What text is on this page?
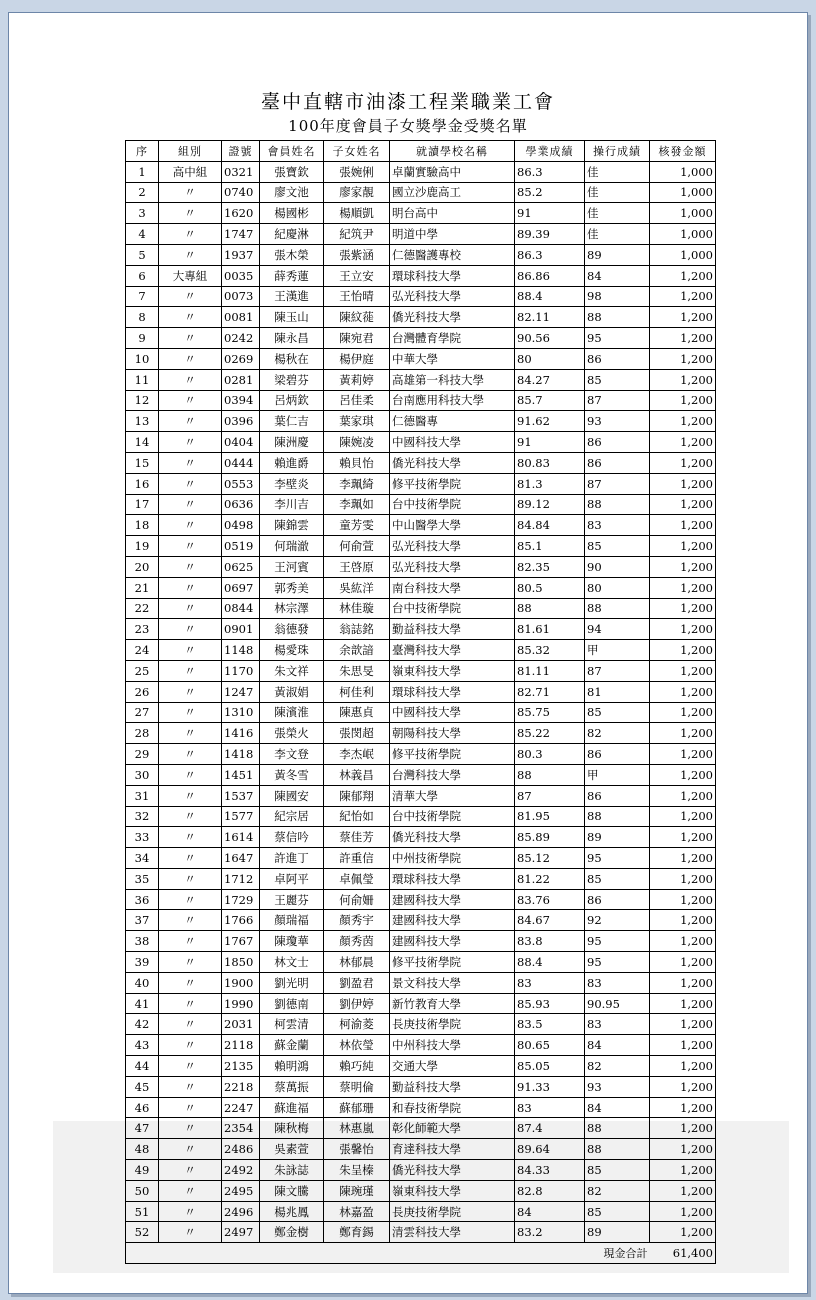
臺中直轄市油漆工程業職業工會
100年度會員子女獎學金受獎名單
序	組別	證號	會員姓名	子女姓名	就讀學校名稱	學業成績	操行成績	核發金額
1	高中組	0321	張寶欽	張婉俐	卓蘭實驗高中	86.3	佳	1,000
2	〃	0740	廖文池	廖家靚	國立沙鹿高工	85.2	佳	1,000
3	〃	1620	楊國彬	楊順凱	明台高中	91	佳	1,000
4	〃	1747	紀慶淋	紀筑尹	明道中學	89.39	佳	1,000
5	〃	1937	張木榮	張紫涵	仁德醫護專校	86.3	89	1,000
6	大專組	0035	薛秀蓮	王立安	環球科技大學	86.86	84	1,200
7	〃	0073	王漢進	王怡晴	弘光科技大學	88.4	98	1,200
8	〃	0081	陳玉山	陳紋蓰	僑光科技大學	82.11	88	1,200
9	〃	0242	陳永昌	陳宛君	台灣體育學院	90.56	95	1,200
10	〃	0269	楊秋在	楊伊庭	中華大學	80	86	1,200
11	〃	0281	梁碧芬	黃莉婷	高雄第一科技大學	84.27	85	1,200
12	〃	0394	呂炳欽	呂佳柔	台南應用科技大學	85.7	87	1,200
13	〃	0396	葉仁吉	葉家琪	仁德醫專	91.62	93	1,200
14	〃	0404	陳洲慶	陳婉凌	中國科技大學	91	86	1,200
15	〃	0444	賴進爵	賴貝怡	僑光科技大學	80.83	86	1,200
16	〃	0553	李壁炎	李珮綺	修平技術學院	81.3	87	1,200
17	〃	0636	李川吉	李珮如	台中技術學院	89.12	88	1,200
18	〃	0498	陳錦雲	童芳雯	中山醫學大學	84.84	83	1,200
19	〃	0519	何瑞澈	何俞萱	弘光科技大學	85.1	85	1,200
20	〃	0625	王河賓	王啓原	弘光科技大學	82.35	90	1,200
21	〃	0697	郭秀美	吳紘洋	南台科技大學	80.5	80	1,200
22	〃	0844	林宗澤	林佳璇	台中技術學院	88	88	1,200
23	〃	0901	翁德發	翁誌銘	勤益科技大學	81.61	94	1,200
24	〃	1148	楊愛珠	余歆諳	臺灣科技大學	85.32	甲	1,200
25	〃	1170	朱文祥	朱思旻	嶺東科技大學	81.11	87	1,200
26	〃	1247	黃淑娟	柯佳利	環球科技大學	82.71	81	1,200
27	〃	1310	陳濱淮	陳惠貞	中國科技大學	85.75	85	1,200
28	〃	1416	張榮火	張閔超	朝陽科技大學	85.22	82	1,200
29	〃	1418	李文登	李杰岷	修平技術學院	80.3	86	1,200
30	〃	1451	黃冬雪	林義昌	台灣科技大學	88	甲	1,200
31	〃	1537	陳國安	陳郁翔	清華大學	87	86	1,200
32	〃	1577	紀宗居	紀怡如	台中技術學院	81.95	88	1,200
33	〃	1614	蔡信吟	蔡佳芳	僑光科技大學	85.89	89	1,200
34	〃	1647	許進丁	許重信	中州技術學院	85.12	95	1,200
35	〃	1712	卓阿平	卓佩瑩	環球科技大學	81.22	85	1,200
36	〃	1729	王麗芬	何俞姍	建國科技大學	83.76	86	1,200
37	〃	1766	顏瑞福	顏秀宇	建國科技大學	84.67	92	1,200
38	〃	1767	陳瓊華	顏秀茵	建國科技大學	83.8	95	1,200
39	〃	1850	林文士	林郁晨	修平技術學院	88.4	95	1,200
40	〃	1900	劉光明	劉盈君	景文科技大學	83	83	1,200
41	〃	1990	劉德南	劉伊婷	新竹教育大學	85.93	90.95	1,200
42	〃	2031	柯雲清	柯渝菱	長庚技術學院	83.5	83	1,200
43	〃	2118	蘇金蘭	林依瑩	中州科技大學	80.65	84	1,200
44	〃	2135	賴明鴻	賴巧純	交通大學	85.05	82	1,200
45	〃	2218	蔡萬振	蔡明倫	勤益科技大學	91.33	93	1,200
46	〃	2247	蘇進福	蘇郁珊	和春技術學院	83	84	1,200
47	〃	2354	陳秋梅	林惠嵐	彰化師範大學	87.4	88	1,200
48	〃	2486	吳素萱	張馨怡	育達科技大學	89.64	88	1,200
49	〃	2492	朱詠誌	朱呈榛	僑光科技大學	84.33	85	1,200
50	〃	2495	陳文騰	陳琬瑾	嶺東科技大學	82.8	82	1,200
51	〃	2496	楊兆鳳	林嘉盈	長庚技術學院	84	85	1,200
52	〃	2497	鄭金樹	鄭育錫	清雲科技大學	83.2	89	1,200
							現金合計	61,400
